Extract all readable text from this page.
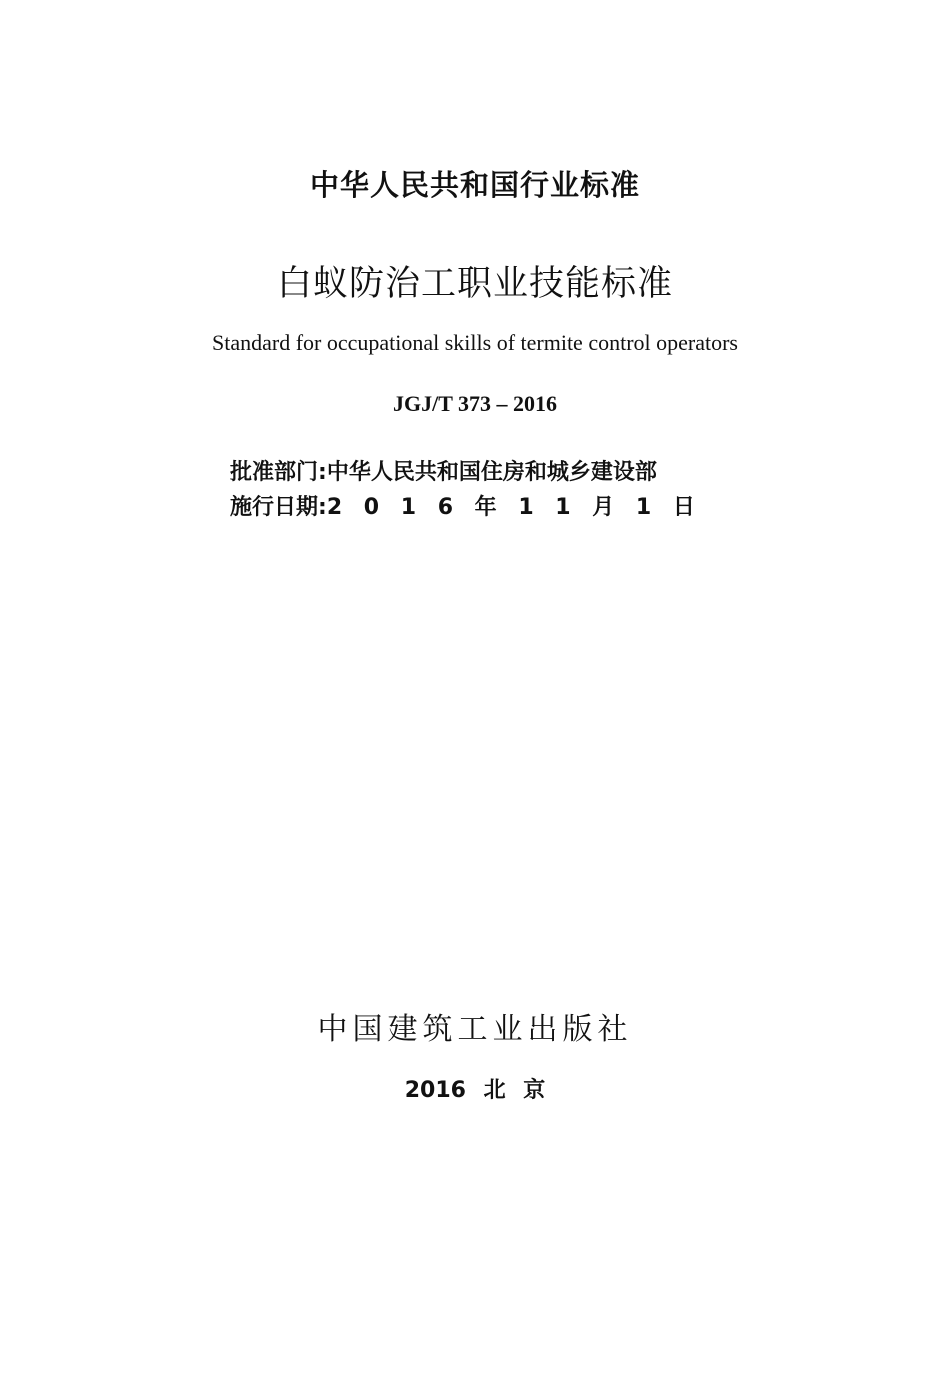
中华人民共和国行业标准
白蚁防治工职业技能标准
Standard for occupational skills of termite control operators
JGJ/T 373 – 2016
批准部门:中华人民共和国住房和城乡建设部
施行日期:2 0 1 6 年 1 1 月 1 日
中国建筑工业出版社
2016 北 京
